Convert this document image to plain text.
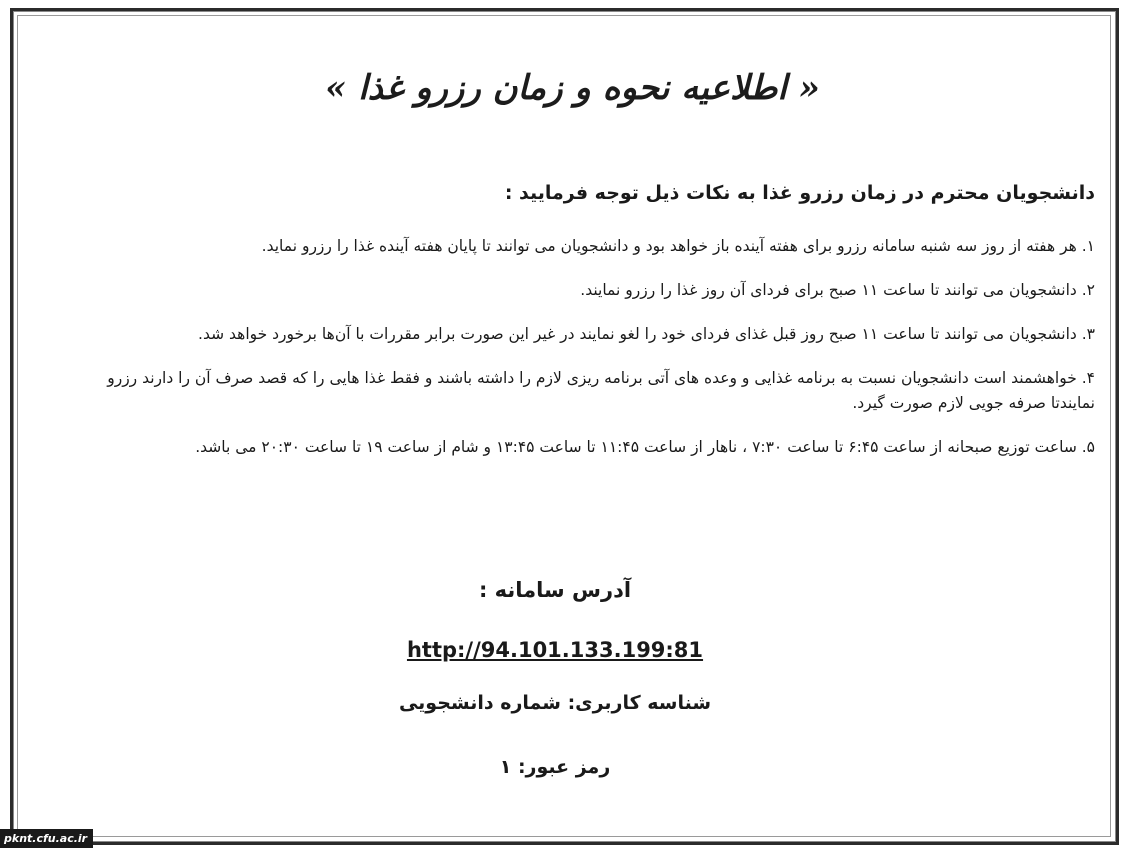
« اطلاعیه نحوه و زمان رزرو غذا »

دانشجویان محترم در زمان رزرو غذا به نکات ذیل توجه فرمایید :

۱. هر هفته از روز سه شنبه سامانه رزرو برای هفته آینده باز خواهد بود و دانشجویان می توانند تا پایان هفته آینده غذا را رزرو نماید.

۲. دانشجویان می توانند تا ساعت ۱۱ صبح برای فردای آن روز غذا را رزرو نمایند.

۳. دانشجویان می توانند تا ساعت ۱۱ صبح روز قبل غذای فردای خود را لغو نمایند در غیر این صورت برابر مقررات با آن‌ها برخورد خواهد شد.

۴. خواهشمند است دانشجویان نسبت به برنامه غذایی و وعده های آتی برنامه ریزی لازم را داشته باشند و فقط غذا هایی را که قصد صرف آن را دارند رزرو نمایندتا صرفه جویی لازم صورت گیرد.

۵. ساعت توزیع صبحانه از ساعت ۶:۴۵ تا ساعت ۷:۳۰ ، ناهار از ساعت ۱۱:۴۵ تا ساعت ۱۳:۴۵ و شام از ساعت ۱۹ تا ساعت ۲۰:۳۰ می باشد.

آدرس سامانه :
http://94.101.133.199:81
شناسه کاربری: شماره دانشجویی
رمز عبور: ۱
pknt.cfu.ac.ir
